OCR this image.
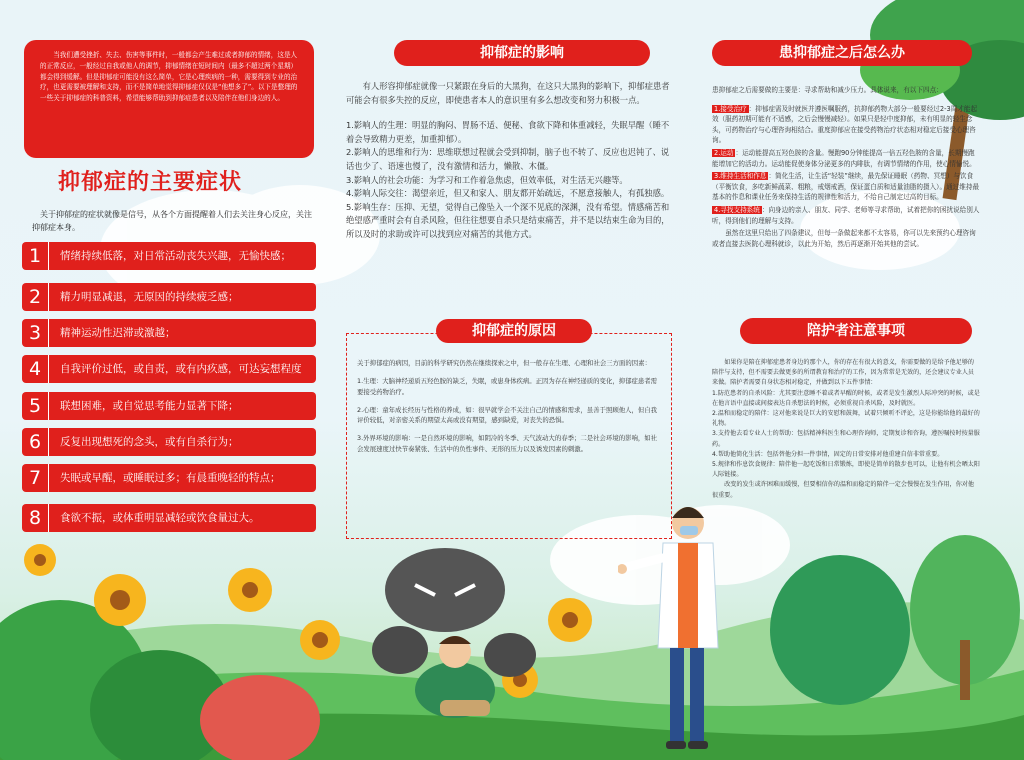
当我们遭受挫折、失去、伤害等事件时，一般都会产生难过或者抑郁的情绪，这是人的正常反应，一般经过自我或他人的调节，抑郁情绪在短时间内（最多不超过两个星期）都会得到缓解。但是抑郁症可能没有这么简单，它是心理疾病的一种，需要得到专业的治疗，也更需要被理解和支持，而不是简单地觉得抑郁症仅仅是“他想多了”。以下是整理的一些关于抑郁症的科普资料，希望能够帮助到抑郁症患者以及陪伴在他们身边的人。
抑郁症的主要症状
关于抑郁症的症状就像是信号，从各个方面提醒着人们去关注身心反应，关注抑郁症本身。
1	情绪持续低落，对日常活动丧失兴趣，无愉快感；
2	精力明显减退，无原因的持续疲乏感；
3	精神运动性迟滞或激越；
4	自我评价过低，或自责，或有内疚感，可达妄想程度
5	联想困难，或自觉思考能力显著下降；
6	反复出现想死的念头，或有自杀行为；
7	失眠或早醒，或睡眠过多；有晨重晚轻的特点；
8	食欲不振，或体重明显减轻或饮食量过大。
抑郁症的影响

有人形容抑郁症就像一只紧跟在身后的大黑狗，在这只大黑狗的影响下，抑郁症患者可能会有很多失控的反应，即使患者本人的意识里有多么想改变和努力积极一点。

1.影响人的生理：明显的胸闷、胃肠不适、便秘、食欲下降和体重减轻，失眠早醒（睡不着会导致精力更差，加重抑郁）。

2.影响人的思维和行为：思维联想过程就会受到抑制，脑子也不转了、反应也迟钝了、说话也少了、语速也慢了，没有激情和活力，懒散、木僵。

3.影响人的社会功能：为学习和工作着急焦虑，但效率低，对生活无兴趣等。

4.影响人际交往：渴望亲近，但又和家人、朋友都开始疏远，不愿意接触人，有孤独感。

5.影响生存：压抑、无望，觉得自己像坠入一个深不见底的深渊，没有希望。情感痛苦和绝望感严重时会有自杀风险，但往往想要自杀只是结束痛苦，并不是以结束生命为目的，所以及时的求助或许可以找到应对痛苦的其他方式。

关于抑郁症的病因，目前的科学研究仍然在继续探索之中，但一般存在生理、心理和社会三方面的因素：

1.生理：大脑神经递质五羟色胺的缺乏，失眠，或患身体疾病。正因为存在神经递质的变化，抑郁症患者需要接受药物治疗。

2.心理：童年成长经历与性格的养成，如：很早就学会不关注自己的情感和需求，虽善于照顾他人，但自我评价较低，对亲密关系的期望太高或没有期望，感到缺爱，对丧失的恐惧。

3.外界环境的影响：一是自然环境的影响，如阴冷的冬季、天气波动大的春季；二是社会环境的影响，如社会发展速度过快节奏紧张、生活中的负性事件、无形的压力以及诱发因素的刺激。

抑郁症的原因
患抑郁症之后怎么办

患抑郁症之后需要做的主要是：寻求帮助和减少压力。具体说来，有以下四点：

1.接受治疗 ：抑郁症需及时就医并遵医嘱服药，抗抑郁药物大部分一般要经过2-3周才能起效（服药初期可能有不适感，之后会慢慢减轻）。如果只是轻中度抑郁，未有明显的轻生念头，可药物治疗与心理咨询相结合。重度抑郁应在接受药物治疗状态相对稳定后接受心理咨询。

2.运动 ：运动能提高五羟色胺的含量。慢跑90分钟能提高一倍五羟色胺的含量，长期慢跑能增加它的活动力。运动能促使身体分泌更多的内啡肽，有调节情绪的作用，使心情愉悦。

3.维持生活和作息 ：简化生活，让生活“轻装”继续，最先保证睡眠（药物、冥想）与饮食（平衡饮食，多吃新鲜蔬菜、粗粮，戒烟戒酒，保证蛋白质和适量油脂的摄入）。通过维持最基本的作息和课业任务来保持生活的规律性和活力，不给自己制定过高的目标。

4.寻找支持系统 ：向身边的亲人、朋友、同学、老师等寻求帮助，试着把你的困扰说给别人听，得到他们的理解与支持。

虽然在这里只给出了四条建议，但每一条做起来都不太容易，你可以先来预约心理咨询或者直接去医院心理科就诊，以此为开始，然后再逐渐开始其他的尝试。

陪护者注意事项

如果你是陪在抑郁症患者身边的那个人，你的存在有很大的意义，你需要做的是给予他足够的陪伴与支持，但不需要去做更多的所谓教育和治疗的工作，因为常常是无效的，还会建议专业人员来做。陪护者需要自身状态相对稳定，并做到以下五件事情：

1.防范患者的自杀风险：尤其要注意睡不着或者早醒的时候，或者是发生激烈人际冲突的时候，或是在他言语中直接或间接表达自杀想法的时候，必须重视自杀风险，及时就医。

2.温和而稳定的陪伴：这对他来说是巨大的安慰和鼓舞，试着只倾听不评论，这是你能给他的最好的礼物。

3.支持他去看专业人士的帮助：包括精神科医生和心理咨询师，定期复诊和咨询，遵医嘱按时按量服药。

4.帮助他简化生活：包括替他分担一件事情，固定的日常安排对他重建自信非常重要。

5.规律和作息饮食规律：陪伴他一起吃饭和日常锻炼，即使是简单的散步也可以，让他有机会晒太阳人际链接。

改变的发生或许困难而缓慢，但要相信你的温和而稳定的陪伴一定会慢慢在发生作用，你对他很重要。
